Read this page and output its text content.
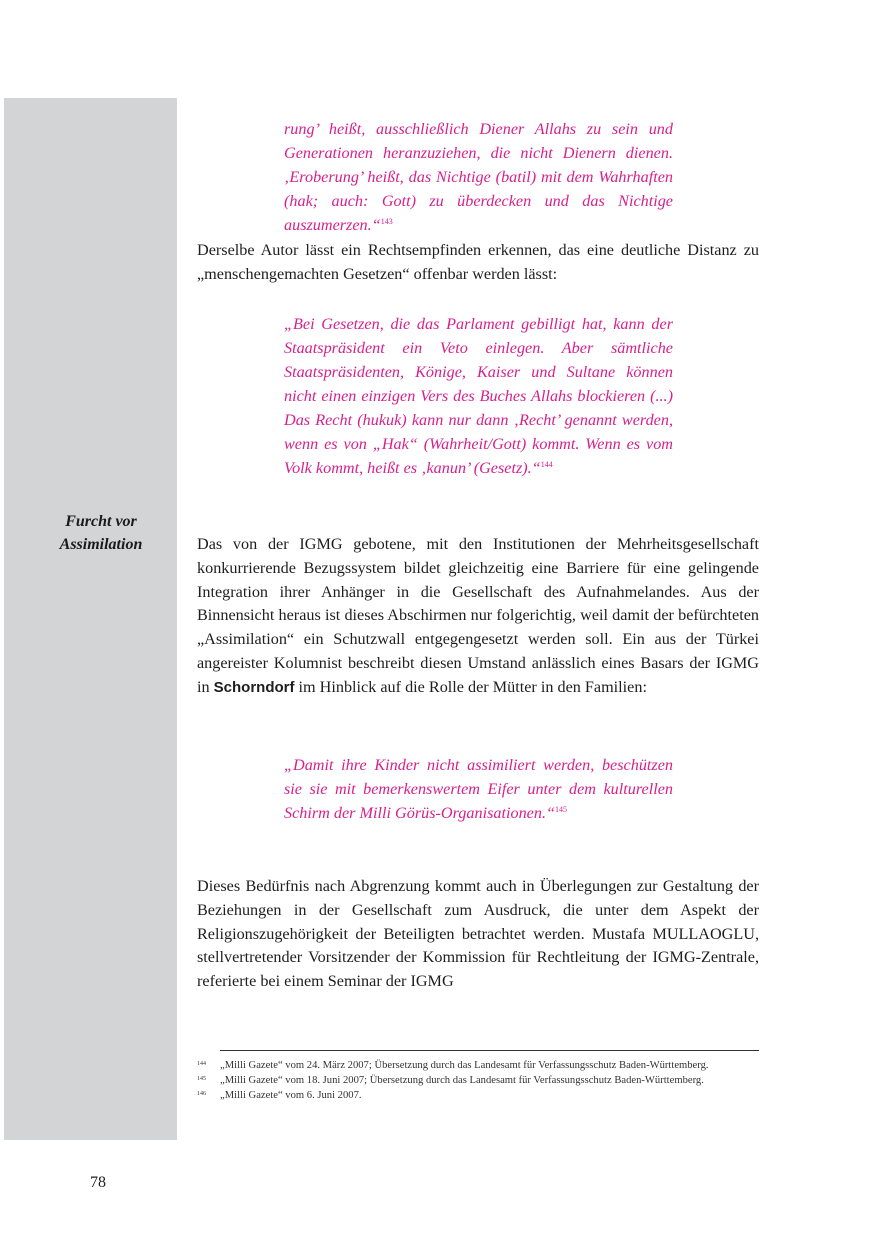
Furcht vor Assimilation
rung’ heißt, ausschließlich Diener Allahs zu sein und Generationen heranzuziehen, die nicht Dienern dienen. ‚Eroberung’ heißt, das Nichtige (batil) mit dem Wahrhaften (hak; auch: Gott) zu überdecken und das Nichtige auszumerzen.“$^{143}$
Derselbe Autor lässt ein Rechtsempfinden erkennen, das eine deutliche Distanz zu „menschengemachten Gesetzen“ offenbar werden lässt:
„Bei Gesetzen, die das Parlament gebilligt hat, kann der Staatspräsident ein Veto einlegen. Aber sämtliche Staatspräsidenten, Könige, Kaiser und Sultane können nicht einen einzigen Vers des Buches Allahs blockieren (...) Das Recht (hukuk) kann nur dann ‚Recht’ genannt werden, wenn es von „Hak“ (Wahrheit/Gott) kommt. Wenn es vom Volk kommt, heißt es ‚kanun’ (Gesetz).“$^{144}$
Das von der IGMG gebotene, mit den Institutionen der Mehrheitsgesellschaft konkurrierende Bezugssystem bildet gleichzeitig eine Barriere für eine gelingende Integration ihrer Anhänger in die Gesellschaft des Aufnahmelandes. Aus der Binnensicht heraus ist dieses Abschirmen nur folgerichtig, weil damit der befürchteten „Assimilation“ ein Schutzwall entgegengesetzt werden soll. Ein aus der Türkei angereister Kolumnist beschreibt diesen Umstand anlässlich eines Basars der IGMG in Schorndorf im Hinblick auf die Rolle der Mütter in den Familien:
„Damit ihre Kinder nicht assimiliert werden, beschützen sie sie mit bemerkenswertem Eifer unter dem kulturellen Schirm der Milli Görüs-Organisationen.“$^{145}$
Dieses Bedürfnis nach Abgrenzung kommt auch in Überlegungen zur Gestaltung der Beziehungen in der Gesellschaft zum Ausdruck, die unter dem Aspekt der Religionszugehörigkeit der Beteiligten betrachtet werden. Mustafa MULLAOGLU, stellvertretender Vorsitzender der Kommission für Rechtleitung der IGMG-Zentrale, referierte bei einem Seminar der IGMG
144	„Milli Gazete“ vom 24. März 2007; Übersetzung durch das Landesamt für Verfassungsschutz Baden-Württemberg.
145	„Milli Gazete“ vom 18. Juni 2007; Übersetzung durch das Landesamt für Verfassungsschutz Baden-Württemberg.
146	„Milli Gazete“ vom 6. Juni 2007.
78
